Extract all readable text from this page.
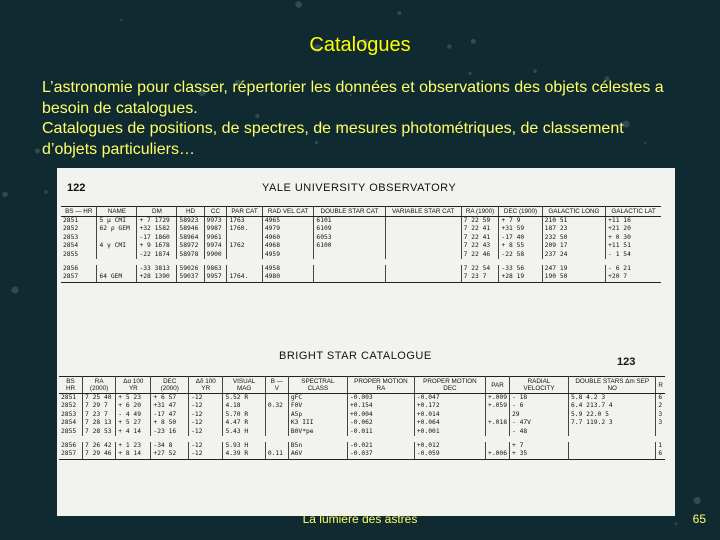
Catalogues
L’astronomie pour classer, répertorier les données et observations des objets célestes a besoin de catalogues.
Catalogues de positions, de spectres, de mesures photométriques, de classement d’objets particuliers…
122	YALE UNIVERSITY OBSERVATORY
BS — HR	NAME	DM	HD	CC	PAR CAT	RAD VEL CAT	DOUBLE STAR CAT	VARIABLE STAR CAT	RA (1900)	DEC (1900)	GALACTIC LONG	GALACTIC LAT
2851	5 μ CMI	+ 7 1729	58923	9973	1763	4965	6101		7 22 59	+ 7 9	210 51	+11 16
2852	62 ρ GEM	+32 1582	58946	9987	1760.	4979	6109		7 22 41	+31 59	187 23	+21 20
2853		-17 1860	58964	9961		4960	6053		7 22 41	-17 40	232 50	+ 0 30
2854	4 γ CMI	+ 9 1678	58972	9974	1762	4968	6100		7 22 43	+ 8 55	209 17	+11 51
2855		-22 1874	58978	9900		4959			7 22 46	-22 58	237 24	- 1 54
2856		-33 3813	59026	9863		4958			7 22 54	-33 56	247 19	- 6 21
2857	64 GEM	+28 1390	59037	9957	1764.	4980			7 23 7	+28 19	190 50	+20 7
BRIGHT STAR CATALOGUE	123
BS HR	RA (2000)	Δα 100 YR	DEC (2000)	Δδ 100 YR	VISUAL MAG	B — V	SPECTRAL CLASS	PROPER MOTION RA	PROPER MOTION DEC	PAR	RADIAL VELOCITY	DOUBLE STARS Δm SEP NO	R
2851	7 25 40	+ 5 23	+ 6 57	-12	5.52 R		gFC	-0.003	-0.047	+.009	- 18	5.8 4.2 3	6
2852	7 29 7	+ 6 20	+31 47	-12	4.18	0.32	F0V	+0.154	+0.172	+.059	- 6	6.4 213.7 4	2
2853	7 23 7	- 4 49	-17 47	-12	5.70 R		A5p	+0.004	+0.014		29	5.9 22.0 5	3
2854	7 28 13	+ 5 27	+ 8 50	-12	4.47 R		K3 III	-0.062	+0.064	+.018	- 47V	7.7 119.2 3	3
2855	7 28 53	+ 4 14	-23 16	-12	5.43 H		B0V*pe	-0.011	+0.001		- 48		
2856	7 26 42	+ 1 23	-34 8	-12	5.93 H		B5n	-0.021	+0.012		+ 7		1
2857	7 29 46	+ 8 14	+27 52	-12	4.39 R	0.11	A6V	-0.037	-0.059	+.006	+ 35		6
La lumière des astres	65
